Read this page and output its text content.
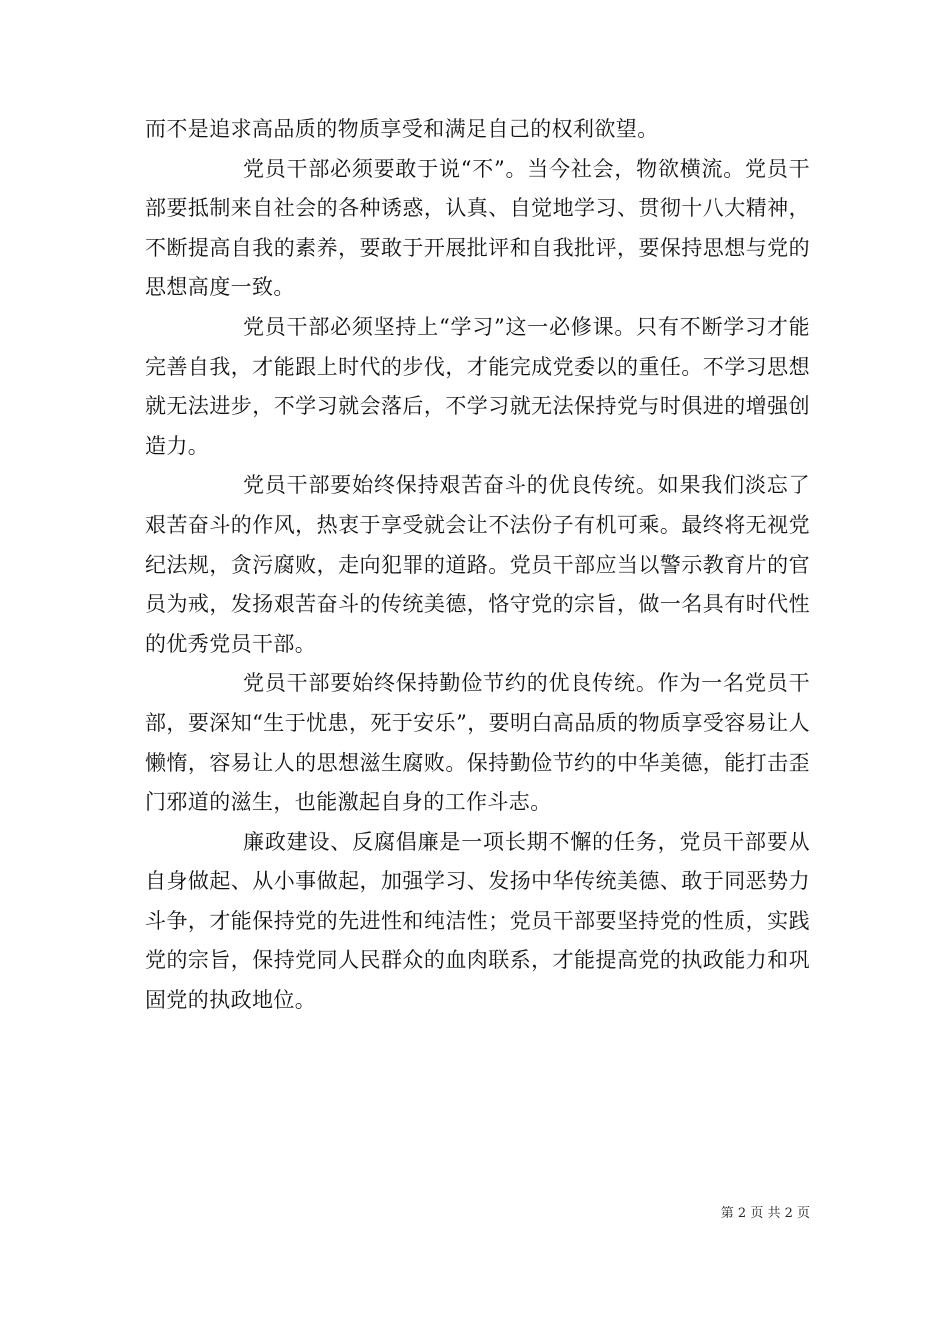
而不是追求高品质的物质享受和满足自己的权利欲望。

党员干部必须要敢于说“不”。当今社会，物欲横流。党员干部要抵制来自社会的各种诱惑，认真、自觉地学习、贯彻十八大精神，不断提高自我的素养，要敢于开展批评和自我批评，要保持思想与党的思想高度一致。

党员干部必须坚持上“学习”这一必修课。只有不断学习才能完善自我，才能跟上时代的步伐，才能完成党委以的重任。不学习思想就无法进步，不学习就会落后，不学习就无法保持党与时俱进的增强创造力。

党员干部要始终保持艰苦奋斗的优良传统。如果我们淡忘了艰苦奋斗的作风，热衷于享受就会让不法份子有机可乘。最终将无视党纪法规，贪污腐败，走向犯罪的道路。党员干部应当以警示教育片的官员为戒，发扬艰苦奋斗的传统美德，恪守党的宗旨，做一名具有时代性的优秀党员干部。

党员干部要始终保持勤俭节约的优良传统。作为一名党员干部，要深知“生于忧患，死于安乐”，要明白高品质的物质享受容易让人懒惰，容易让人的思想滋生腐败。保持勤俭节约的中华美德，能打击歪门邪道的滋生，也能激起自身的工作斗志。

廉政建设、反腐倡廉是一项长期不懈的任务，党员干部要从自身做起、从小事做起，加强学习、发扬中华传统美德、敢于同恶势力斗争，才能保持党的先进性和纯洁性；党员干部要坚持党的性质，实践党的宗旨，保持党同人民群众的血肉联系，才能提高党的执政能力和巩固党的执政地位。

第 2 页 共 2 页
